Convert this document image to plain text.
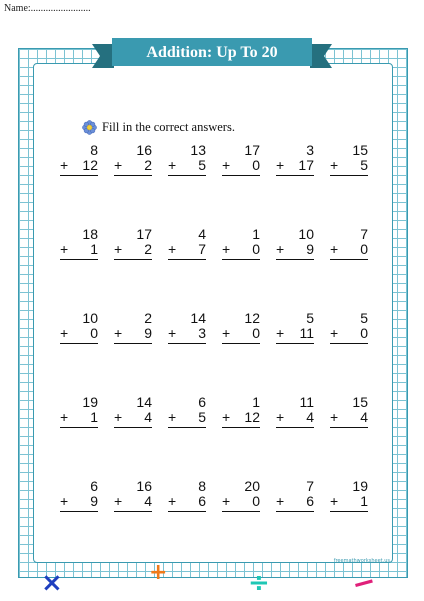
Name:........................
Addition: Up To 20
Fill in the correct answers.
8
+ 12
16
+ 2
13
+ 5
17
+ 0
3
+ 17
15
+ 5
18
+ 1
17
+ 2
4
+ 7
1
+ 0
10
+ 9
7
+ 0
10
+ 0
2
+ 9
14
+ 3
12
+ 0
5
+ 11
5
+ 0
19
+ 1
14
+ 4
6
+ 5
1
+ 12
11
+ 4
15
+ 4
6
+ 9
16
+ 4
8
+ 6
20
+ 0
7
+ 6
19
+ 1
freemathworksheet.us
×	+	÷	−
